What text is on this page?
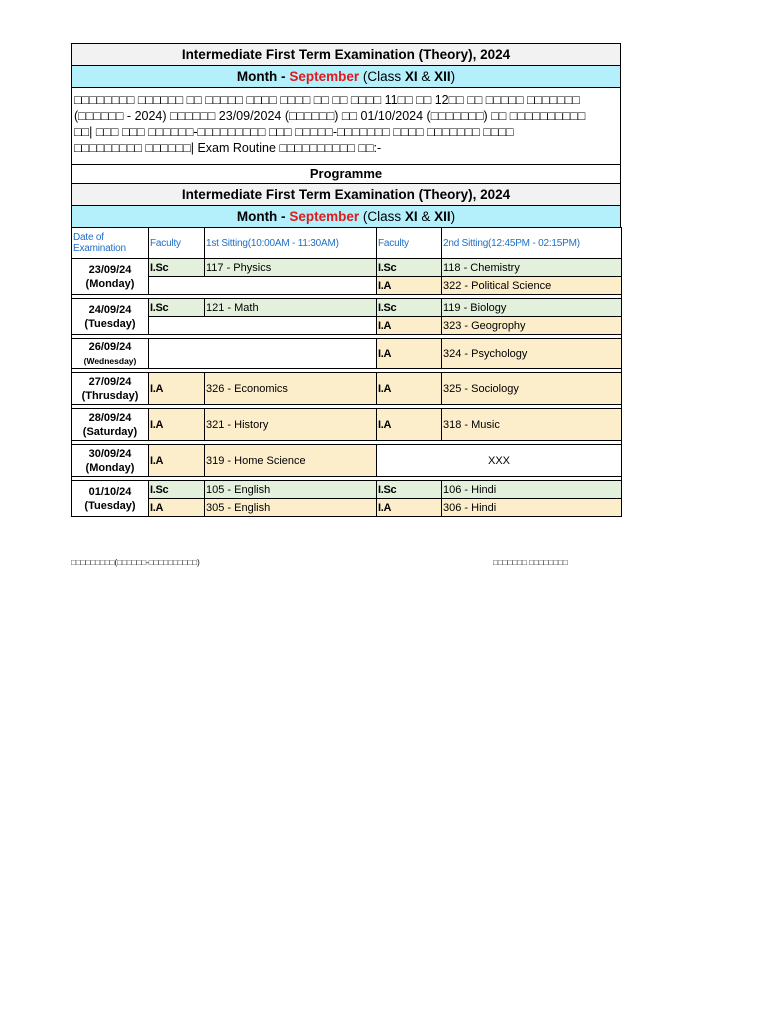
Intermediate First Term Examination (Theory), 2024
Month - September (Class XI & XII)
□□□□□□□□ □□□□□□ □□ □□□□□ □□□□ □□□□ □□ □□ □□□□ 11□□ □□ 12□□ □□ □□□□□ □□□□□□□
(□□□□□□ - 2024) □□□□□□ 23/09/2024 (□□□□□□) □□ 01/10/2024 (□□□□□□□) □□ □□□□□□□□□□
□□| □□□ □□□ □□□□□□-□□□□□□□□□ □□□ □□□□□-□□□□□□□ □□□□ □□□□□□□ □□□□
□□□□□□□□□ □□□□□□| Exam Routine □□□□□□□□□□ □□:-
Programme
Intermediate First Term Examination (Theory), 2024
Month - September (Class XI & XII)
Date of Examination	Faculty	1st Sitting(10:00AM - 11:30AM)	Faculty	2nd Sitting(12:45PM - 02:15PM)
23/09/24
(Monday)	I.Sc	117 - Physics	I.Sc	118 - Chemistry
			I.A	322 - Political Science

24/09/24
(Tuesday)	I.Sc	121 - Math	I.Sc	119 - Biology
			I.A	323 - Geogrophy

26/09/24
(Wednesday)			I.A	324 - Psychology

27/09/24
(Thrusday)	I.A	326 - Economics	I.A	325 - Sociology

28/09/24
(Saturday)	I.A	321 - History	I.A	318 - Music

30/09/24
(Monday)	I.A	319 - Home Science	XXX	

01/10/24
(Tuesday)	I.Sc	105 - English	I.Sc	106 - Hindi
	I.A	305 - English	I.A	306 - Hindi
□□□□□□□□□(□□□□□□-□□□□□□□□□□)	□□□□□□□ □□□□□□□□
